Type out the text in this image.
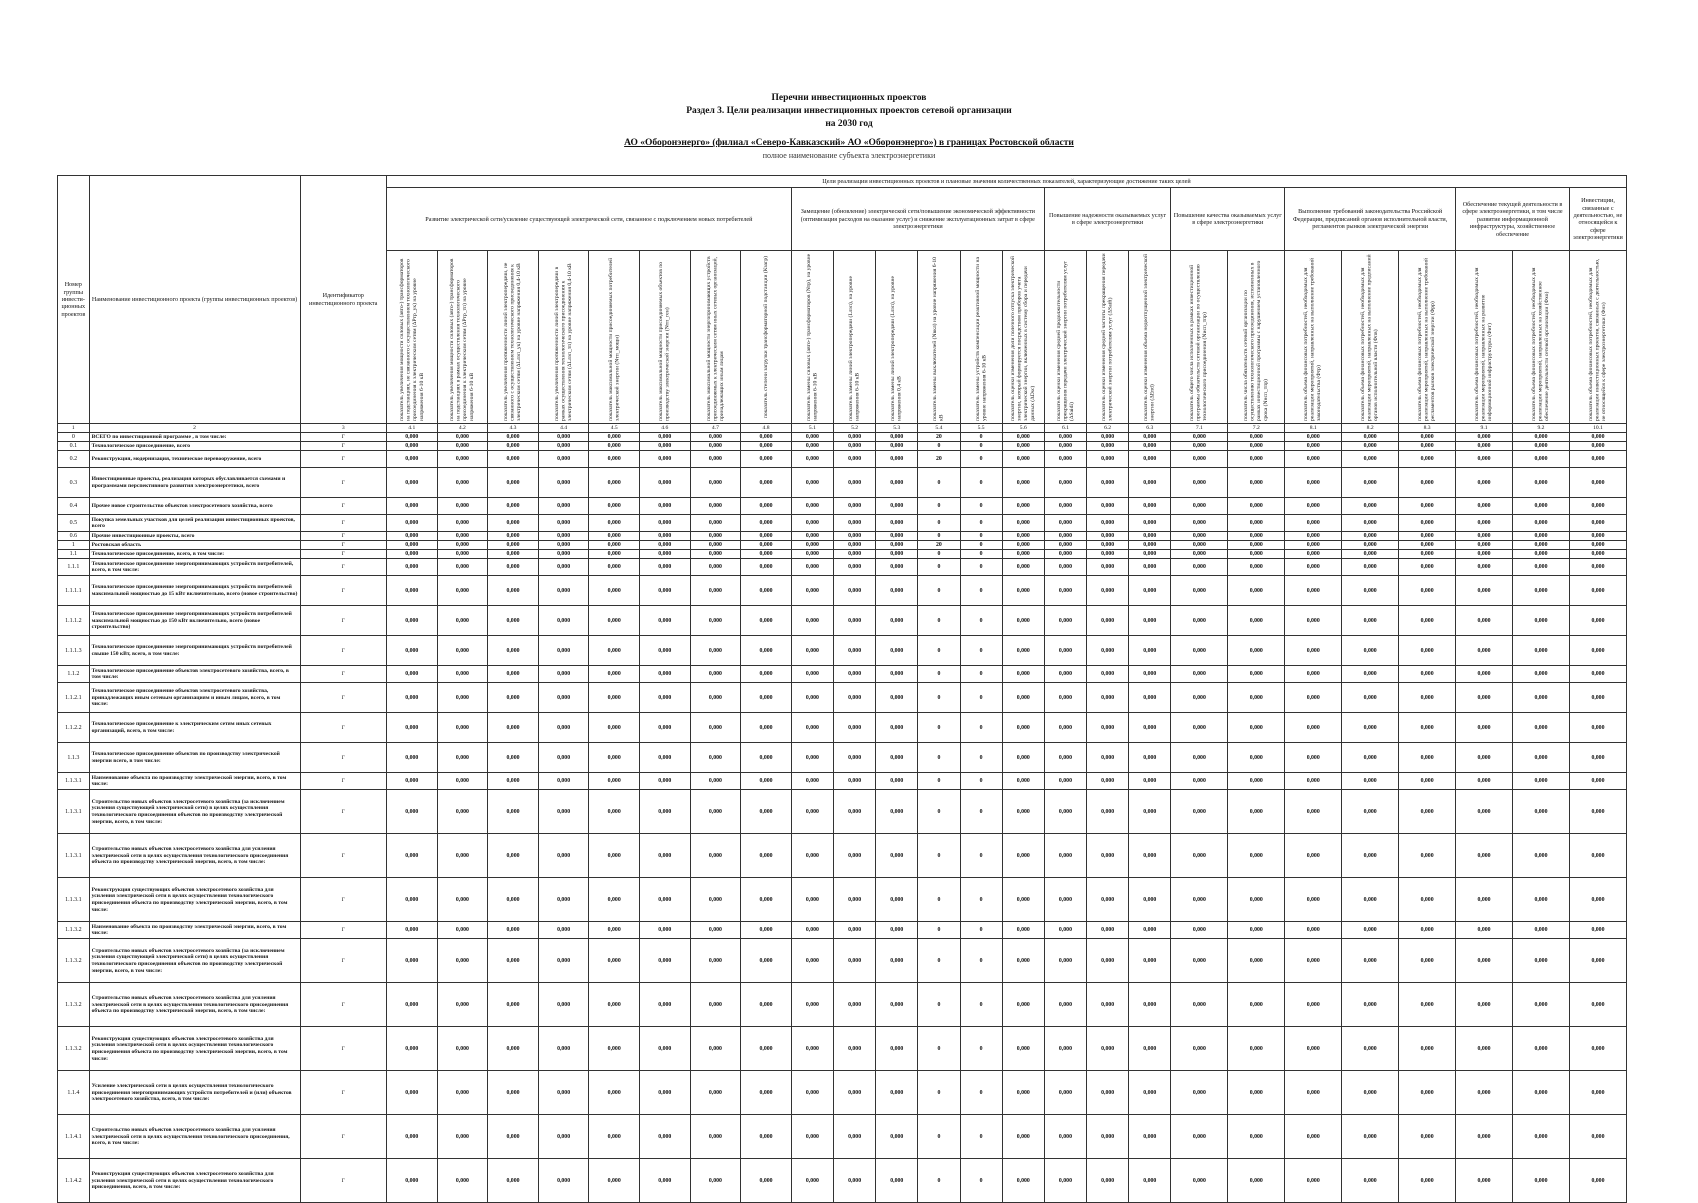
Перечни инвестиционных проектов
Раздел 3. Цели реализации инвестиционных проектов сетевой организации
на 2030 год
АО «Оборонэнерго» (филиал «Северо-Кавказский» АО «Оборонэнерго») в границах Ростовской области
полное наименование субъекта электроэнергетики
Номер группы инвести-ционных проектов	Наименование инвестиционного проекта (группы инвестиционных проектов)	Идентификатор инвестиционного проекта	Цели реализации инвестиционных проектов и плановые значения количественных показателей, характеризующие достижение таких целей																								
			Развитие электрической сети/усиление существующей электрической сети, связанное с подключением новых потребителей								Замещение (обновление) электрической сети/повышение экономической эффективности (оптимизация расходов на оказание услуг) и снижение эксплуатационных затрат в сфере электроэнергетики						Повышение надежности оказываемых услуг в сфере электроэнергетики			Повышение качества оказываемых услуг в сфере электроэнергетики		Выполнение требований законодательства Российской Федерации, предписаний органов исполнительной власти, регламентов рынков электрической энергии			Обеспечение текущей деятельности в сфере электроэнергетики, в том числе развитие информационной инфраструктуры, хозяйственное обеспечение		Инвестиции, связанные с деятельностью, не относящейся к сфере электроэнергетики

			показатель увеличения мощности силовых (авто-) трансформаторов на подстанциях, не связанного с осуществлением технологического присоединения к электрическим сетям (ΔPтр_ук) на уровне напряжения 6-10 кВ	показатель увеличения мощности силовых (авто-) трансформаторов на подстанциях в рамках осуществления технологического присоединения к электрическим сетям (ΔPтр_тп) на уровне напряжения 6-10 кВ	показатель увеличения протяженности линий электропередачи, не связанного с осуществлением технологического присоединения к электрическим сетям (ΔLлэп_ук) на уровне напряжения 0,4-10 кВ	показатель увеличения протяженности линий электропередачи в рамках осуществления технологического присоединения к электрическим сетям (ΔLлэп_тп) на уровне напряжения 0,4-10 кВ	показатель максимальной мощности присоединяемых потребителей электрической энергии (Nтп_мощн)	показатель максимальной мощности присоединяемых объектов по производству электрической энергии (Nтп_ген)	показатель максимальной мощности энергопринимающих устройств присоединяемых к электрическим сетям иных сетевых организаций, принадлежащих иным лицам	показатель степени загрузки трансформаторной подстанции (Кзагр)	показатель замены силовых (авто-) трансформаторов (Nтр), на уровне напряжения 6-10 кВ	показатель замены линий электропередачи (Lлэп), на уровне напряжения 6-10 кВ	показатель замены линий электропередачи (Lлэп), на уровне напряжения 0,4 кВ	показатель замены выключателей (Nвкл) на уровне напряжения 6-10 кВ	показатель замены устройств компенсации реактивной мощности на уровне напряжения 6-10 кВ	показатель оценки изменения доли полезного отпуска электрической энергии, который формируется посредством приборов учета электрической энергии, включенных в систему сбора и передачи данных (ΔDsc)	показатель оценки изменения средней продолжительности прекращения передачи электрической энергии потребителям услуг (ΔSaidi)	показатель оценки изменения средней частоты прекращения передачи электрической энергии потребителям услуг (ΔSaifi)	показатель оценки изменения объема недоотпущенной электрической энергии (ΔEnd)	показатель общего числа исполненных в рамках инвестиционной программы обязательств сетевой организации по осуществлению технологического присоединения (Nисп_тпр)	показатель числа обязательств сетевой организации по осуществлению технологического присоединения, исполненных в рамках инвестиционной программы с нарушением установленного срока (Nнсп_тпр)	показатель объема финансовых потребностей, необходимых для реализации мероприятий, направленных на выполнение требований законодательства (Фтр)	показатель объема финансовых потребностей, необходимых для реализации мероприятий, направленных на выполнение предписаний органов исполнительной власти (Фпв)	показатель объема финансовых потребностей, необходимых для реализации мероприятий, направленных на выполнение требований регламентов рынков электрической энергии (Фрр)	показатель объема финансовых потребностей, необходимых для реализации мероприятий, направленных на развитие информационной инфраструктуры (Фит)	показатель объема финансовых потребностей, необходимых для реализации мероприятий, направленных на хозяйственное обеспечение деятельности сетевой организации (Фхо)	показатель объема финансовых потребностей, необходимых для реализации инвестиционных проектов, связанных с деятельностью, не относящейся к сфере электроэнергетики (Фнэ)

1	2	3	4.1	4.2	4.3	4.4	4.5	4.6	4.7	4.8	5.1	5.2	5.3	5.4	5.5	5.6	6.1	6.2	6.3	7.1	7.2	8.1	8.2	8.3	9.1	9.2	10.1
0	ВСЕГО по инвестиционной программе , в том числе:	Г	0,000	0,000	0,000	0,000	0,000	0,000	0,000	0,000	0,000	0,000	0,000	20	0	0,000	0,000	0,000	0,000	0,000	0,000	0,000	0,000	0,000	0,000	0,000	0,000
0.1	Технологическое присоединение, всего	Г	0,000	0,000	0,000	0,000	0,000	0,000	0,000	0,000	0,000	0,000	0,000	0	0	0,000	0,000	0,000	0,000	0,000	0,000	0,000	0,000	0,000	0,000	0,000	0,000
0.2	Реконструкция, модернизация, техническое перевооружение, всего	Г	0,000	0,000	0,000	0,000	0,000	0,000	0,000	0,000	0,000	0,000	0,000	20	0	0,000	0,000	0,000	0,000	0,000	0,000	0,000	0,000	0,000	0,000	0,000	0,000
0.3	Инвестиционные проекты, реализация которых обуславливается схемами и программами перспективного развития электроэнергетики, всего	Г	0,000	0,000	0,000	0,000	0,000	0,000	0,000	0,000	0,000	0,000	0,000	0	0	0,000	0,000	0,000	0,000	0,000	0,000	0,000	0,000	0,000	0,000	0,000	0,000
0.4	Прочее новое строительство объектов электросетевого хозяйства, всего	Г	0,000	0,000	0,000	0,000	0,000	0,000	0,000	0,000	0,000	0,000	0,000	0	0	0,000	0,000	0,000	0,000	0,000	0,000	0,000	0,000	0,000	0,000	0,000	0,000
0.5	Покупка земельных участков для целей реализации инвестиционных проектов, всего	Г	0,000	0,000	0,000	0,000	0,000	0,000	0,000	0,000	0,000	0,000	0,000	0	0	0,000	0,000	0,000	0,000	0,000	0,000	0,000	0,000	0,000	0,000	0,000	0,000
0.6	Прочие инвестиционные проекты, всего	Г	0,000	0,000	0,000	0,000	0,000	0,000	0,000	0,000	0,000	0,000	0,000	0	0	0,000	0,000	0,000	0,000	0,000	0,000	0,000	0,000	0,000	0,000	0,000	0,000
1	Ростовская область	Г	0,000	0,000	0,000	0,000	0,000	0,000	0,000	0,000	0,000	0,000	0,000	20	0	0,000	0,000	0,000	0,000	0,000	0,000	0,000	0,000	0,000	0,000	0,000	0,000
1.1	Технологическое присоединение, всего, в том числе:	Г	0,000	0,000	0,000	0,000	0,000	0,000	0,000	0,000	0,000	0,000	0,000	0	0	0,000	0,000	0,000	0,000	0,000	0,000	0,000	0,000	0,000	0,000	0,000	0,000
1.1.1	Технологическое присоединение энергопринимающих устройств потребителей, всего, в том числе:	Г	0,000	0,000	0,000	0,000	0,000	0,000	0,000	0,000	0,000	0,000	0,000	0	0	0,000	0,000	0,000	0,000	0,000	0,000	0,000	0,000	0,000	0,000	0,000	0,000
1.1.1.1	Технологическое присоединение энергопринимающих устройств потребителей максимальной мощностью до 15 кВт включительно, всего (новое строительство)	Г	0,000	0,000	0,000	0,000	0,000	0,000	0,000	0,000	0,000	0,000	0,000	0	0	0,000	0,000	0,000	0,000	0,000	0,000	0,000	0,000	0,000	0,000	0,000	0,000
1.1.1.2	Технологическое присоединение энергопринимающих устройств потребителей максимальной мощностью до 150 кВт включительно, всего (новое строительство)	Г	0,000	0,000	0,000	0,000	0,000	0,000	0,000	0,000	0,000	0,000	0,000	0	0	0,000	0,000	0,000	0,000	0,000	0,000	0,000	0,000	0,000	0,000	0,000	0,000
1.1.1.3	Технологическое присоединение энергопринимающих устройств потребителей свыше 150 кВт, всего, в том числе:	Г	0,000	0,000	0,000	0,000	0,000	0,000	0,000	0,000	0,000	0,000	0,000	0	0	0,000	0,000	0,000	0,000	0,000	0,000	0,000	0,000	0,000	0,000	0,000	0,000
1.1.2	Технологическое присоединение объектов электросетевого хозяйства, всего, в том числе:	Г	0,000	0,000	0,000	0,000	0,000	0,000	0,000	0,000	0,000	0,000	0,000	0	0	0,000	0,000	0,000	0,000	0,000	0,000	0,000	0,000	0,000	0,000	0,000	0,000
1.1.2.1	Технологическое присоединение объектов электросетевого хозяйства, принадлежащих иным сетевым организациям и иным лицам, всего, в том числе:	Г	0,000	0,000	0,000	0,000	0,000	0,000	0,000	0,000	0,000	0,000	0,000	0	0	0,000	0,000	0,000	0,000	0,000	0,000	0,000	0,000	0,000	0,000	0,000	0,000
1.1.2.2	Технологическое присоединение к электрическим сетям иных сетевых организаций, всего, в том числе:	Г	0,000	0,000	0,000	0,000	0,000	0,000	0,000	0,000	0,000	0,000	0,000	0	0	0,000	0,000	0,000	0,000	0,000	0,000	0,000	0,000	0,000	0,000	0,000	0,000
1.1.3	Технологическое присоединение объектов по производству электрической энергии всего, в том числе:	Г	0,000	0,000	0,000	0,000	0,000	0,000	0,000	0,000	0,000	0,000	0,000	0	0	0,000	0,000	0,000	0,000	0,000	0,000	0,000	0,000	0,000	0,000	0,000	0,000
1.1.3.1	Наименование объекта по производству электрической энергии, всего, в том числе:	Г	0,000	0,000	0,000	0,000	0,000	0,000	0,000	0,000	0,000	0,000	0,000	0	0	0,000	0,000	0,000	0,000	0,000	0,000	0,000	0,000	0,000	0,000	0,000	0,000
1.1.3.1	Строительство новых объектов электросетевого хозяйства (за исключением усиления существующей электрической сети) в целях осуществления технологического присоединения объектов по производству электрической энергии, всего, в том числе:	Г	0,000	0,000	0,000	0,000	0,000	0,000	0,000	0,000	0,000	0,000	0,000	0	0	0,000	0,000	0,000	0,000	0,000	0,000	0,000	0,000	0,000	0,000	0,000	0,000
1.1.3.1	Строительство новых объектов электросетевого хозяйства для усиления электрической сети в целях осуществления технологического присоединения объекта по производству электрической энергии, всего, в том числе:	Г	0,000	0,000	0,000	0,000	0,000	0,000	0,000	0,000	0,000	0,000	0,000	0	0	0,000	0,000	0,000	0,000	0,000	0,000	0,000	0,000	0,000	0,000	0,000	0,000
1.1.3.1	Реконструкция существующих объектов электросетевого хозяйства для усиления электрической сети в целях осуществления технологического присоединения объекта по производству электрической энергии, всего, в том числе:	Г	0,000	0,000	0,000	0,000	0,000	0,000	0,000	0,000	0,000	0,000	0,000	0	0	0,000	0,000	0,000	0,000	0,000	0,000	0,000	0,000	0,000	0,000	0,000	0,000
1.1.3.2	Наименование объекта по производству электрической энергии, всего, в том числе:	Г	0,000	0,000	0,000	0,000	0,000	0,000	0,000	0,000	0,000	0,000	0,000	0	0	0,000	0,000	0,000	0,000	0,000	0,000	0,000	0,000	0,000	0,000	0,000	0,000
1.1.3.2	Строительство новых объектов электросетевого хозяйства (за исключением усиления существующей электрической сети) в целях осуществления технологического присоединения объектов по производству электрической энергии, всего, в том числе:	Г	0,000	0,000	0,000	0,000	0,000	0,000	0,000	0,000	0,000	0,000	0,000	0	0	0,000	0,000	0,000	0,000	0,000	0,000	0,000	0,000	0,000	0,000	0,000	0,000
1.1.3.2	Строительство новых объектов электросетевого хозяйства для усиления электрической сети в целях осуществления технологического присоединения объекта по производству электрической энергии, всего, в том числе:	Г	0,000	0,000	0,000	0,000	0,000	0,000	0,000	0,000	0,000	0,000	0,000	0	0	0,000	0,000	0,000	0,000	0,000	0,000	0,000	0,000	0,000	0,000	0,000	0,000
1.1.3.2	Реконструкция существующих объектов электросетевого хозяйства для усиления электрической сети в целях осуществления технологического присоединения объекта по производству электрической энергии, всего, в том числе:	Г	0,000	0,000	0,000	0,000	0,000	0,000	0,000	0,000	0,000	0,000	0,000	0	0	0,000	0,000	0,000	0,000	0,000	0,000	0,000	0,000	0,000	0,000	0,000	0,000
1.1.4	Усиление электрической сети в целях осуществления технологического присоединения энергопринимающих устройств потребителей и (или) объектов электросетевого хозяйства, всего, в том числе:	Г	0,000	0,000	0,000	0,000	0,000	0,000	0,000	0,000	0,000	0,000	0,000	0	0	0,000	0,000	0,000	0,000	0,000	0,000	0,000	0,000	0,000	0,000	0,000	0,000
1.1.4.1	Строительство новых объектов электросетевого хозяйства для усиления электрической сети в целях осуществления технологического присоединения, всего, в том числе:	Г	0,000	0,000	0,000	0,000	0,000	0,000	0,000	0,000	0,000	0,000	0,000	0	0	0,000	0,000	0,000	0,000	0,000	0,000	0,000	0,000	0,000	0,000	0,000	0,000
1.1.4.2	Реконструкция существующих объектов электросетевого хозяйства для усиления электрической сети в целях осуществления технологического присоединения, всего, в том числе:	Г	0,000	0,000	0,000	0,000	0,000	0,000	0,000	0,000	0,000	0,000	0,000	0	0	0,000	0,000	0,000	0,000	0,000	0,000	0,000	0,000	0,000	0,000	0,000	0,000
